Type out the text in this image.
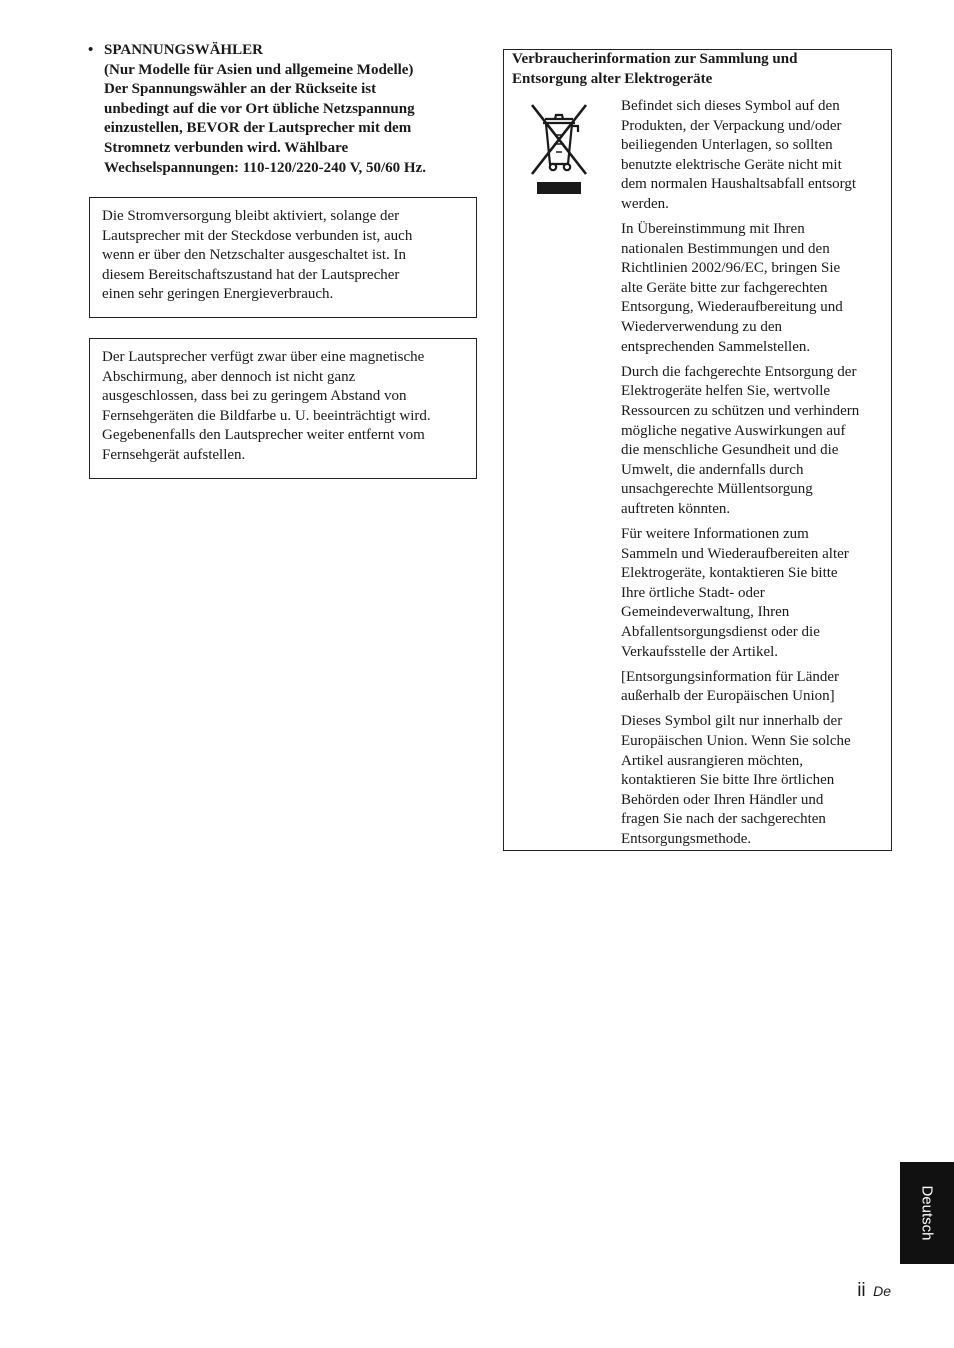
• SPANNUNGSWÄHLER
(Nur Modelle für Asien und allgemeine Modelle)
Der Spannungswähler an der Rückseite ist
unbedingt auf die vor Ort übliche Netzspannung
einzustellen, BEVOR der Lautsprecher mit dem
Stromnetz verbunden wird. Wählbare
Wechselspannungen: 110-120/220-240 V, 50/60 Hz.

Die Stromversorgung bleibt aktiviert, solange der
Lautsprecher mit der Steckdose verbunden ist, auch
wenn er über den Netzschalter ausgeschaltet ist. In
diesem Bereitschaftszustand hat der Lautsprecher
einen sehr geringen Energieverbrauch.

Der Lautsprecher verfügt zwar über eine magnetische
Abschirmung, aber dennoch ist nicht ganz
ausgeschlossen, dass bei zu geringem Abstand von
Fernsehgeräten die Bildfarbe u. U. beeinträchtigt wird.
Gegebenenfalls den Lautsprecher weiter entfernt vom
Fernsehgerät aufstellen.

Verbraucherinformation zur Sammlung und
Entsorgung alter Elektrogeräte

Befindet sich dieses Symbol auf den
Produkten, der Verpackung und/oder
beiliegenden Unterlagen, so sollten
benutzte elektrische Geräte nicht mit
dem normalen Haushaltsabfall entsorgt
werden.

In Übereinstimmung mit Ihren
nationalen Bestimmungen und den
Richtlinien 2002/96/EC, bringen Sie
alte Geräte bitte zur fachgerechten
Entsorgung, Wiederaufbereitung und
Wiederverwendung zu den
entsprechenden Sammelstellen.

Durch die fachgerechte Entsorgung der
Elektrogeräte helfen Sie, wertvolle
Ressourcen zu schützen und verhindern
mögliche negative Auswirkungen auf
die menschliche Gesundheit und die
Umwelt, die andernfalls durch
unsachgerechte Müllentsorgung
auftreten könnten.

Für weitere Informationen zum
Sammeln und Wiederaufbereiten alter
Elektrogeräte, kontaktieren Sie bitte
Ihre örtliche Stadt- oder
Gemeindeverwaltung, Ihren
Abfallentsorgungsdienst oder die
Verkaufsstelle der Artikel.

[Entsorgungsinformation für Länder
außerhalb der Europäischen Union]

Dieses Symbol gilt nur innerhalb der
Europäischen Union. Wenn Sie solche
Artikel ausrangieren möchten,
kontaktieren Sie bitte Ihre örtlichen
Behörden oder Ihren Händler und
fragen Sie nach der sachgerechten
Entsorgungsmethode.

Deutsch
ii De
